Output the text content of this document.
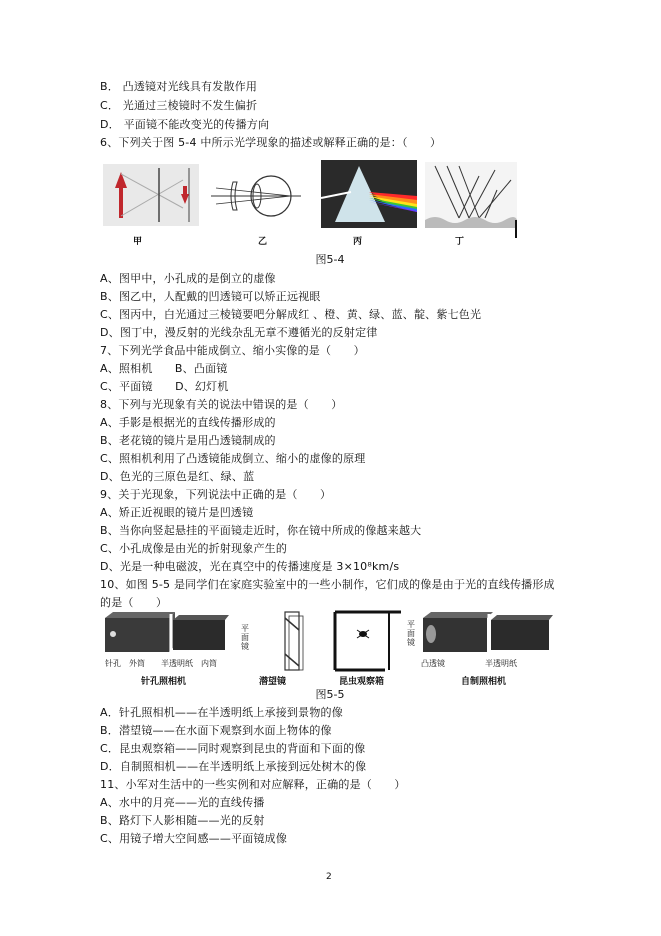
B． 凸透镜对光线具有发散作用
C． 光通过三棱镜时不发生偏折
D． 平面镜不能改变光的传播方向
6、下列关于图 5-4 中所示光学现象的描述或解释正确的是：（　　）
甲	乙	丙	丁
图5-4
A、图甲中，小孔成的是倒立的虚像
B、图乙中，人配戴的凹透镜可以矫正远视眼
C、图丙中，白光通过三棱镜要吧分解成红 、橙、黄、绿、蓝、靛、紫七色光
D、图丁中，漫反射的光线杂乱无章不遵循光的反射定律
7、下列光学食品中能成倒立、缩小实像的是（　　）
A、照相机　　B、凸面镜
C、平面镜　　D、幻灯机
8、下列与光现象有关的说法中错误的是（　　）
A、手影是根据光的直线传播形成的
B、老花镜的镜片是用凸透镜制成的
C、照相机利用了凸透镜能成倒立、缩小的虚像的原理
D、色光的三原色是红、绿、蓝
9、关于光现象，下列说法中正确的是（　　）
A、矫正近视眼的镜片是凹透镜
B、当你向竖起悬挂的平面镜走近时，你在镜中所成的像越来越大
C、小孔成像是由光的折射现象产生的
D、光是一种电磁波，光在真空中的传播速度是 3×10⁸km/s
10、如图 5-5 是同学们在家庭实验室中的一些小制作，它们成的像是由于光的直线传播形成
的是（　　）
针孔 外筒 半透明纸 内筒
针孔照相机
平面镜
潜望镜
平面镜
昆虫观察箱
凸透镜	半透明纸
自制照相机
图5-5
A．针孔照相机——在半透明纸上承接到景物的像
B．潜望镜——在水面下观察到水面上物体的像
C．昆虫观察箱——同时观察到昆虫的背面和下面的像
D．自制照相机——在半透明纸上承接到远处树木的像
11、小军对生活中的一些实例和对应解释，正确的是（　　）
A、水中的月亮——光的直线传播
B、路灯下人影相随——光的反射
C、用镜子增大空间感——平面镜成像
2
